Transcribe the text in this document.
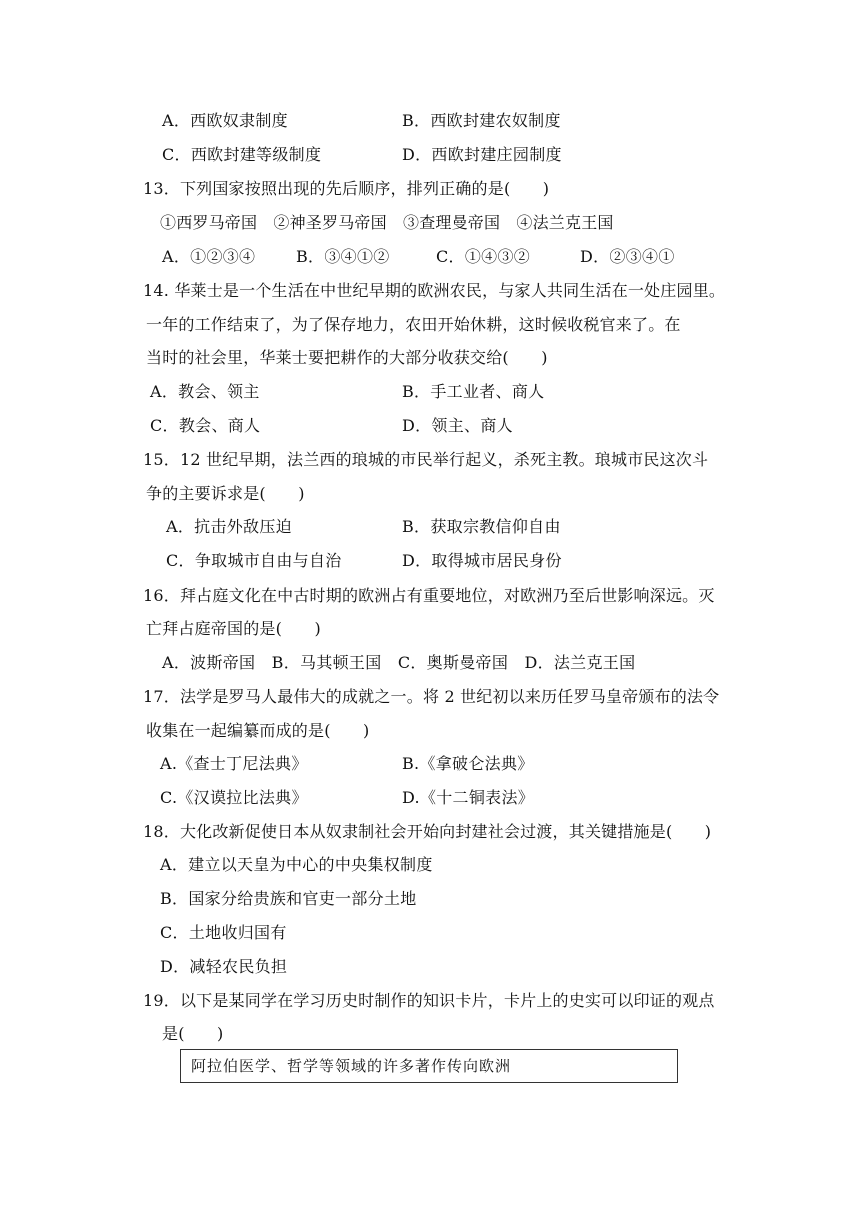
A．西欧奴隶制度	B．西欧封建农奴制度
C．西欧封建等级制度	D．西欧封建庄园制度
13．下列国家按照出现的先后顺序，排列正确的是(　　)
①西罗马帝国　②神圣罗马帝国　③查理曼帝国　④法兰克王国
A．①②③④	B．③④①②	C．①④③②	D．②③④①
14. 华莱士是一个生活在中世纪早期的欧洲农民，与家人共同生活在一处庄园里。
一年的工作结束了，为了保存地力，农田开始休耕，这时候收税官来了。在
当时的社会里，华莱士要把耕作的大部分收获交给(　　)
A．教会、领主	B．手工业者、商人
C．教会、商人	D．领主、商人
15．12 世纪早期，法兰西的琅城的市民举行起义，杀死主教。琅城市民这次斗
争的主要诉求是(　　)
A．抗击外敌压迫	B．获取宗教信仰自由
C．争取城市自由与自治	D．取得城市居民身份
16．拜占庭文化在中古时期的欧洲占有重要地位，对欧洲乃至后世影响深远。灭
亡拜占庭帝国的是(　　)
A．波斯帝国　B．马其顿王国　C．奥斯曼帝国　D．法兰克王国
17．法学是罗马人最伟大的成就之一。将 2 世纪初以来历任罗马皇帝颁布的法令
收集在一起编纂而成的是(　　)
A.《查士丁尼法典》	B.《拿破仑法典》
C.《汉谟拉比法典》	D.《十二铜表法》
18．大化改新促使日本从奴隶制社会开始向封建社会过渡，其关键措施是(　　)
A．建立以天皇为中心的中央集权制度
B．国家分给贵族和官吏一部分土地
C．土地收归国有
D．减轻农民负担
19．以下是某同学在学习历史时制作的知识卡片，卡片上的史实可以印证的观点
是(　　)
阿拉伯医学、哲学等领域的许多著作传向欧洲
